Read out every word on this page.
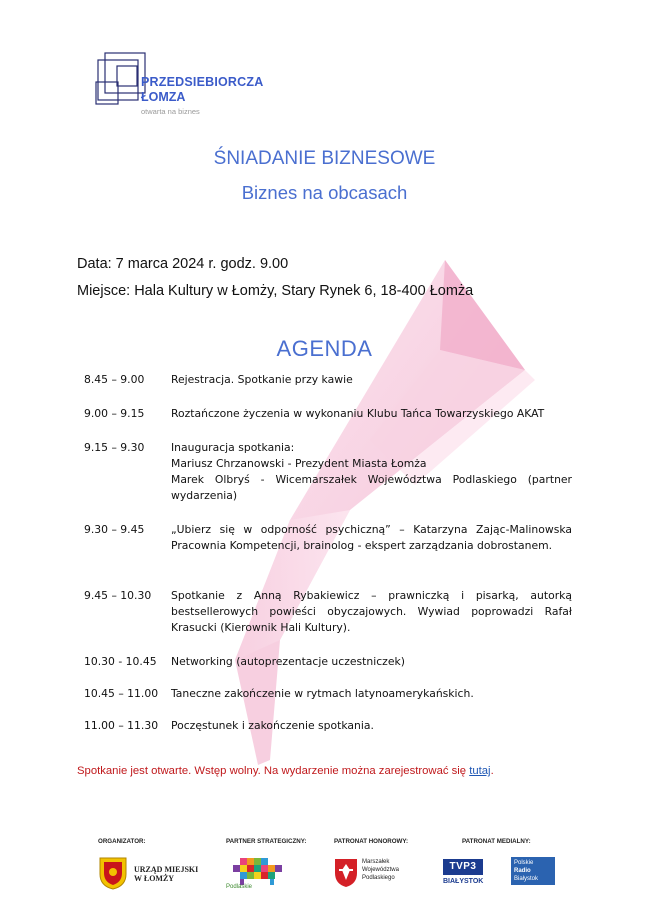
PRZEDSIEBIORCZA
ŁOMZA
otwarta na biznes
ŚNIADANIE BIZNESOWE
Biznes na obcasach
Data: 7 marca 2024 r. godz. 9.00
Miejsce: Hala Kultury w Łomży, Stary Rynek 6, 18-400 Łomża
AGENDA
8.45 – 9.00	Rejestracja. Spotkanie przy kawie
9.00 – 9.15	Roztańczone życzenia w wykonaniu Klubu Tańca Towarzyskiego AKAT
9.15 – 9.30	Inauguracja spotkania:
Mariusz Chrzanowski - Prezydent Miasta Łomża
Marek Olbryś - Wicemarszałek Województwa Podlaskiego (partner wydarzenia)
9.30 – 9.45	„Ubierz się w odporność psychiczną” – Katarzyna Zając-Malinowska Pracownia Kompetencji, brainolog - ekspert zarządzania dobrostanem.
9.45 – 10.30	Spotkanie z Anną Rybakiewicz – prawniczką i pisarką, autorką bestsellerowych powieści obyczajowych. Wywiad poprowadzi Rafał Krasucki (Kierownik Hali Kultury).
10.30 - 10.45	Networking (autoprezentacje uczestniczek)
10.45 – 11.00	Taneczne zakończenie w rytmach latynoamerykańskich.
11.00 – 11.30	Poczęstunek i zakończenie spotkania.
Spotkanie jest otwarte. Wstęp wolny. Na wydarzenie można zarejestrować się tutaj.
ORGANIZATOR:	PARTNER STRATEGICZNY:	PATRONAT HONOROWY:	PATRONAT MEDIALNY:
URZĄD MIEJSKI
W ŁOMŻY
Podlaskie
Marszałek
Województwa
Podlaskiego
TVP3
BIAŁYSTOK
Polskie
Radio
Białystok
